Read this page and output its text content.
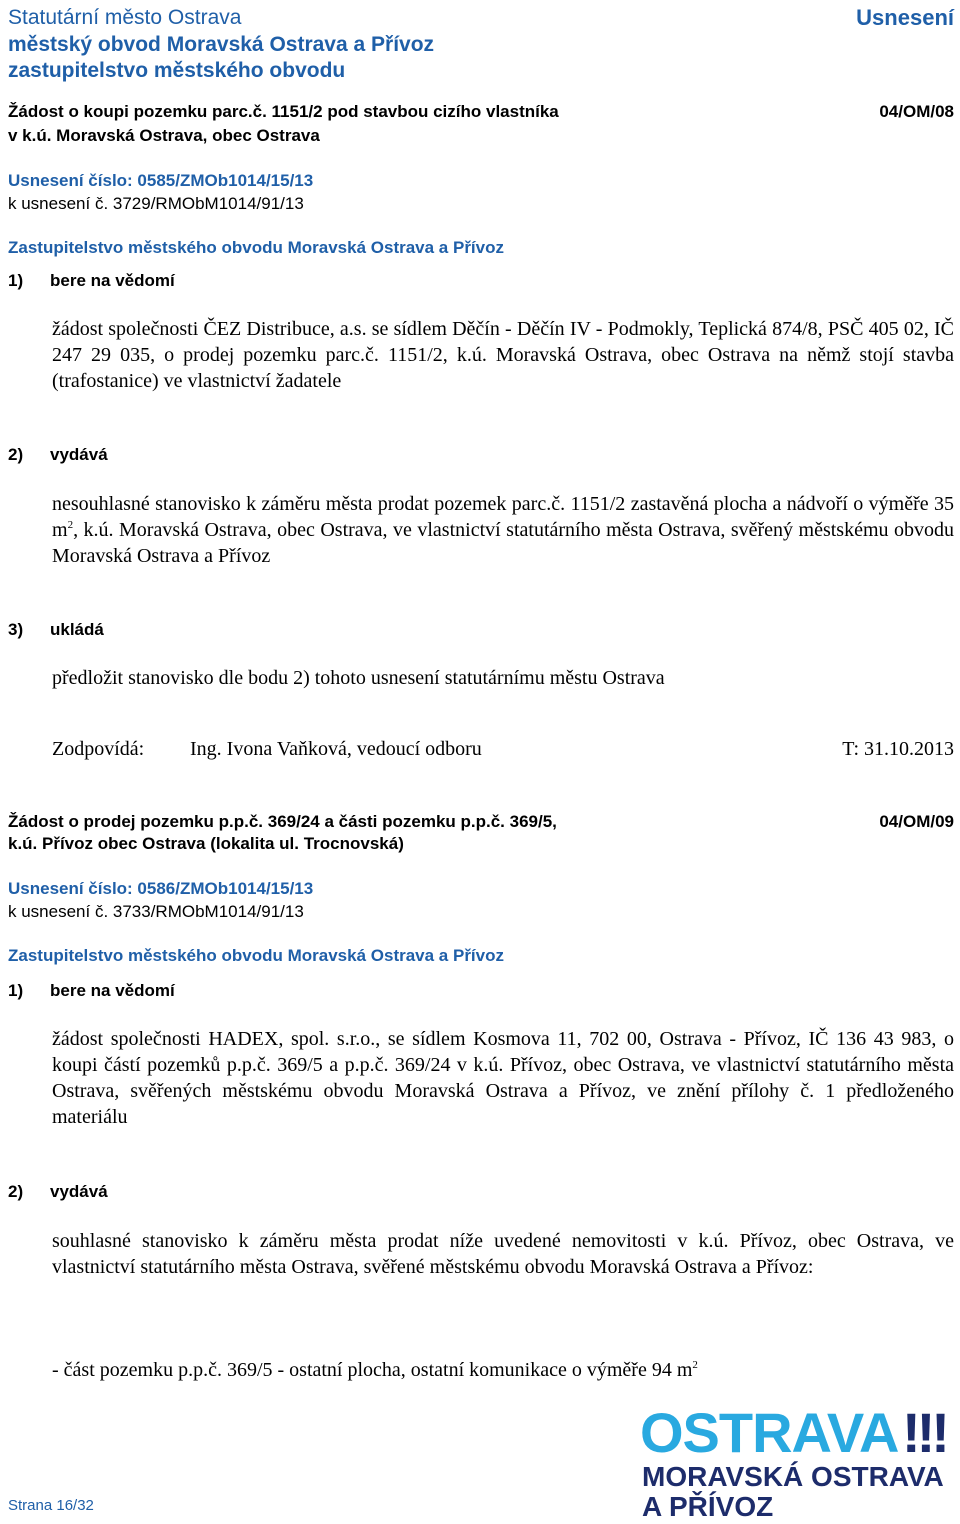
Statutární město Ostrava
městský obvod Moravská Ostrava a Přívoz
zastupitelstvo městského obvodu
Usnesení
Žádost o koupi pozemku parc.č. 1151/2 pod stavbou cizího vlastníka
v k.ú. Moravská Ostrava, obec Ostrava
04/OM/08
Usnesení číslo: 0585/ZMOb1014/15/13
k usnesení č. 3729/RMObM1014/91/13
Zastupitelstvo městského obvodu Moravská Ostrava a Přívoz
1) bere na vědomí
žádost společnosti ČEZ Distribuce, a.s. se sídlem Děčín - Děčín IV - Podmokly, Teplická 874/8, PSČ 405 02, IČ 247 29 035, o prodej pozemku parc.č. 1151/2, k.ú. Moravská Ostrava, obec Ostrava na němž stojí stavba (trafostanice) ve vlastnictví žadatele
2) vydává
nesouhlasné stanovisko k záměru města prodat pozemek parc.č. 1151/2 zastavěná plocha a nádvoří o výměře 35 $m^2$, k.ú. Moravská Ostrava, obec Ostrava, ve vlastnictví statutárního města Ostrava, svěřený městskému obvodu Moravská Ostrava a Přívoz
3) ukládá
předložit stanovisko dle bodu 2) tohoto usnesení statutárnímu městu Ostrava
Zodpovídá: Ing. Ivona Vaňková, vedoucí odboru	T: 31.10.2013
Žádost o prodej pozemku p.p.č. 369/24 a části pozemku p.p.č. 369/5,
k.ú. Přívoz obec Ostrava (lokalita ul. Trocnovská)
04/OM/09
Usnesení číslo: 0586/ZMOb1014/15/13
k usnesení č. 3733/RMObM1014/91/13
Zastupitelstvo městského obvodu Moravská Ostrava a Přívoz
1) bere na vědomí
žádost společnosti HADEX, spol. s.r.o., se sídlem Kosmova 11, 702 00, Ostrava - Přívoz, IČ 136 43 983, o koupi částí pozemků p.p.č. 369/5 a p.p.č. 369/24 v k.ú. Přívoz, obec Ostrava, ve vlastnictví statutárního města Ostrava, svěřených městskému obvodu Moravská Ostrava a Přívoz, ve znění přílohy č. 1 předloženého materiálu
2) vydává
souhlasné stanovisko k záměru města prodat níže uvedené nemovitosti v k.ú. Přívoz, obec Ostrava, ve vlastnictví statutárního města Ostrava, svěřené městskému obvodu Moravská Ostrava a Přívoz:
- část pozemku p.p.č. 369/5 - ostatní plocha, ostatní komunikace o výměře 94 $m^2$
Strana 16/32
OSTRAVA !!!
MORAVSKÁ OSTRAVA
A PŘÍVOZ
